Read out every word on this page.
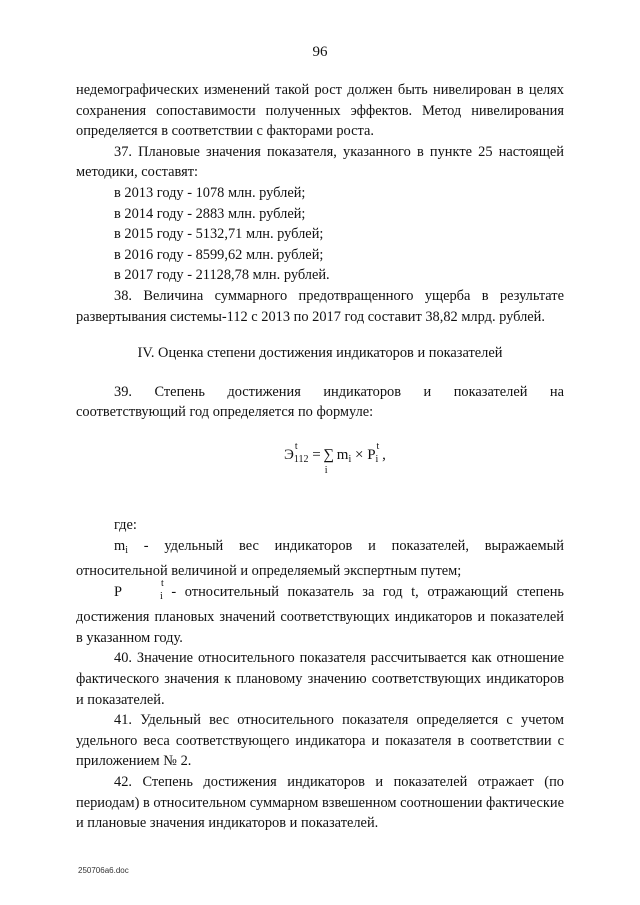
96

недемографических изменений такой рост должен быть нивелирован в целях сохранения сопоставимости полученных эффектов. Метод нивелирования определяется в соответствии с факторами роста.

37. Плановые значения показателя, указанного в пункте 25 настоящей методики, составят:

в 2013 году - 1078 млн. рублей;

в 2014 году - 2883 млн. рублей;

в 2015 году - 5132,71 млн. рублей;

в 2016 году - 8599,62 млн. рублей;

в 2017 году - 21128,78 млн. рублей.

38. Величина суммарного предотвращенного ущерба в результате развертывания системы-112 с 2013 по 2017 год составит 38,82 млрд. рублей.

IV. Оценка степени достижения индикаторов и показателей

39. Степень достижения индикаторов и показателей на соответствующий год определяется по формуле:

Э
t
$_{112}$ = ∑
i
$m_i \times P$
t
$_i$ ,

где:

$m_i$ - удельный вес индикаторов и показателей, выражаемый относительной величиной и определяемый экспертным путем;

P
t
$_i$ - относительный показатель за год t, отражающий степень достижения плановых значений соответствующих индикаторов и показателей в указанном году.

40. Значение относительного показателя рассчитывается как отношение фактического значения к плановому значению соответствующих индикаторов и показателей.

41. Удельный вес относительного показателя определяется с учетом удельного веса соответствующего индикатора и показателя в соответствии с приложением № 2.

42. Степень достижения индикаторов и показателей отражает (по периодам) в относительном суммарном взвешенном соотношении фактические и плановые значения индикаторов и показателей.

250706a6.doc
